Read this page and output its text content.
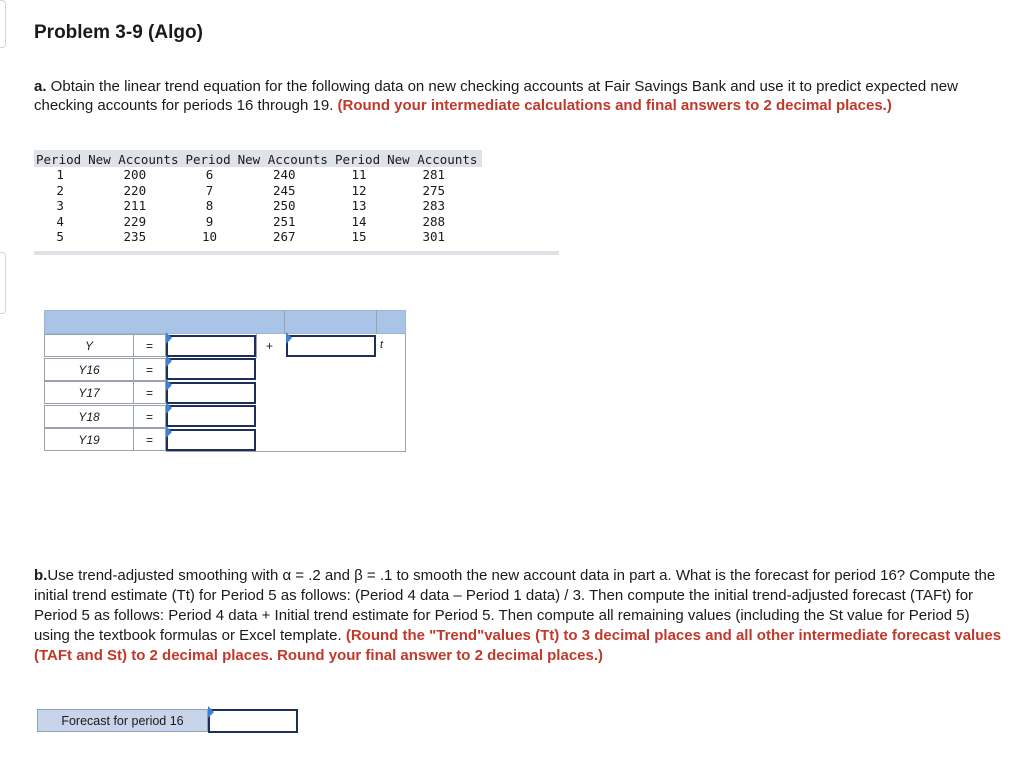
Problem 3-9 (Algo)
a. Obtain the linear trend equation for the following data on new checking accounts at Fair Savings Bank and use it to predict expected new checking accounts for periods 16 through 19. (Round your intermediate calculations and final answers to 2 decimal places.)
Period	New Accounts	Period	New Accounts	Period	New Accounts
1	200	6	240	11	281
2	220	7	245	12	275
3	211	8	250	13	283
4	229	9	251	14	288
5	235	10	267	15	301
Y	=	+	t
Y16	=
Y17	=
Y18	=
Y19	=
b.Use trend-adjusted smoothing with α = .2 and β = .1 to smooth the new account data in part a. What is the forecast for period 16? Compute the initial trend estimate (Tt) for Period 5 as follows: (Period 4 data – Period 1 data) / 3. Then compute the initial trend-adjusted forecast (TAFt) for Period 5 as follows: Period 4 data + Initial trend estimate for Period 5. Then compute all remaining values (including the St value for Period 5) using the textbook formulas or Excel template. (Round the "Trend"values (Tt) to 3 decimal places and all other intermediate forecast values (TAFt and St) to 2 decimal places. Round your final answer to 2 decimal places.)
Forecast for period 16
